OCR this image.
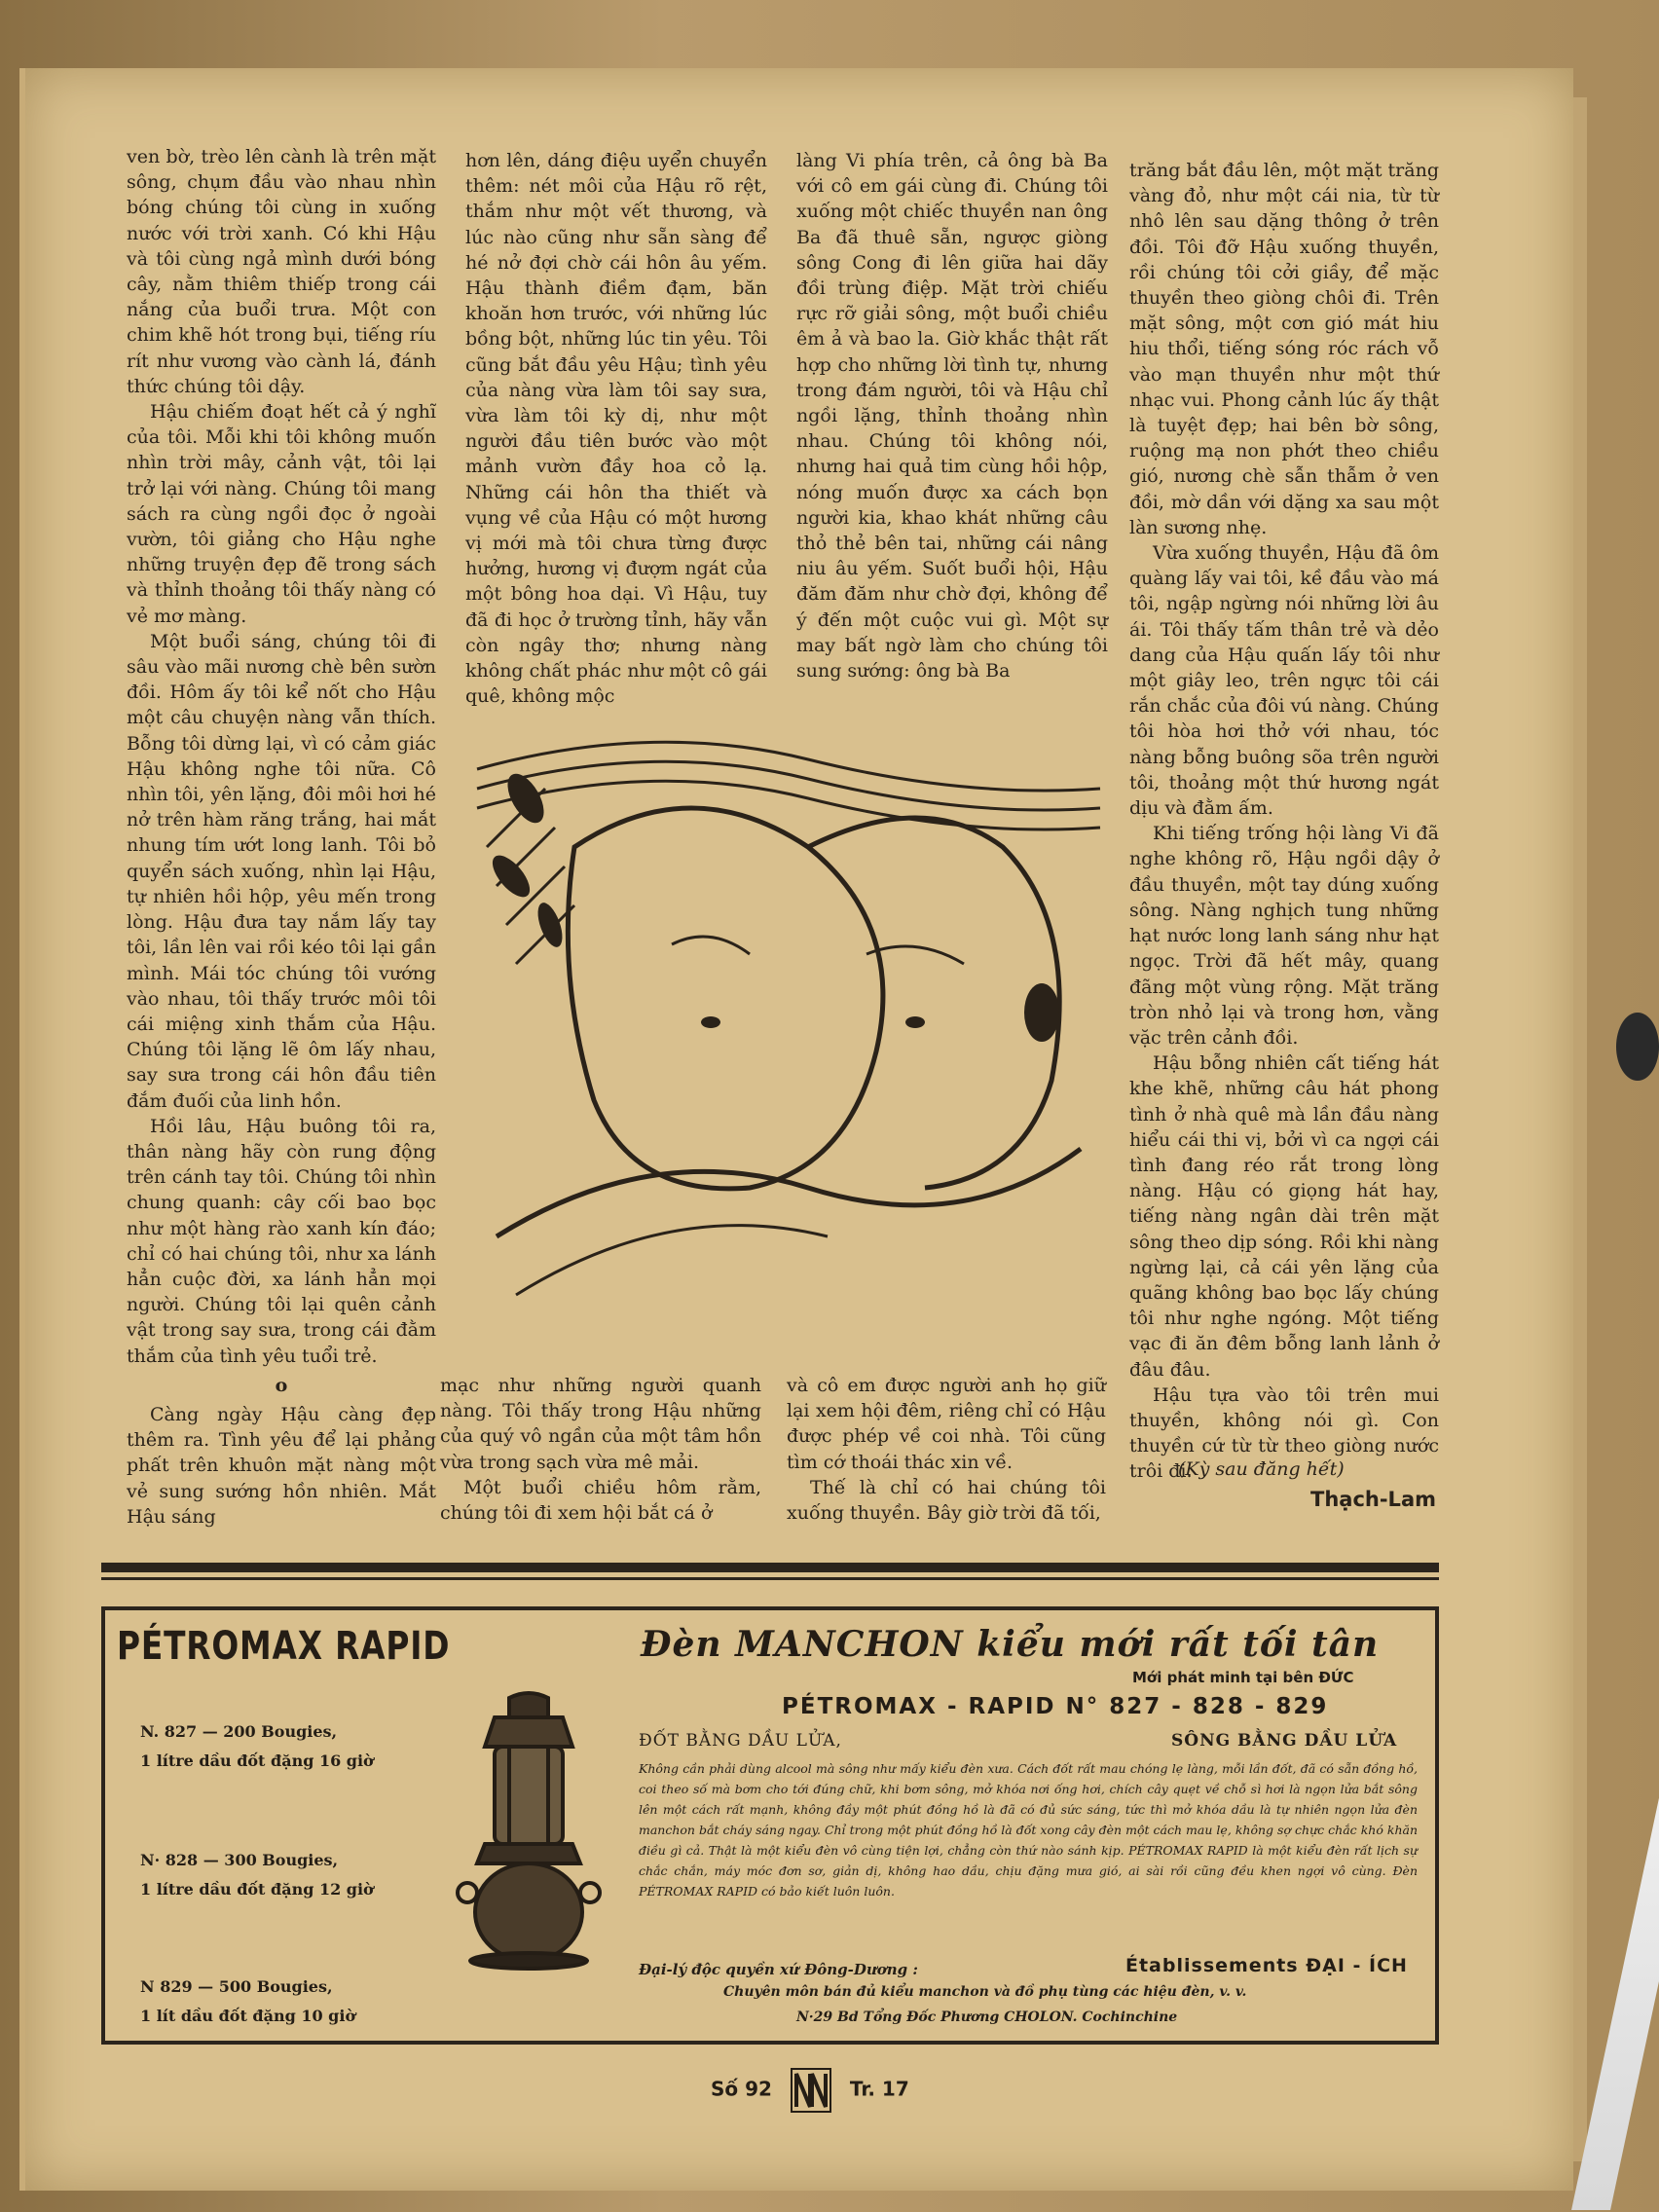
ven bờ, trèo lên cành là trên mặt sông, chụm đầu vào nhau nhìn bóng chúng tôi cùng in xuống nước với trời xanh. Có khi Hậu và tôi cùng ngả mình dưới bóng cây, nằm thiêm thiếp trong cái nắng của buổi trưa. Một con chim khẽ hót trong bụi, tiếng ríu rít như vương vào cành lá, đánh thức chúng tôi dậy.

Hậu chiếm đoạt hết cả ý nghĩ của tôi. Mỗi khi tôi không muốn nhìn trời mây, cảnh vật, tôi lại trở lại với nàng. Chúng tôi mang sách ra cùng ngồi đọc ở ngoài vườn, tôi giảng cho Hậu nghe những truyện đẹp đẽ trong sách và thỉnh thoảng tôi thấy nàng có vẻ mơ màng.

Một buổi sáng, chúng tôi đi sâu vào mãi nương chè bên sườn đồi. Hôm ấy tôi kể nốt cho Hậu một câu chuyện nàng vẫn thích. Bỗng tôi dừng lại, vì có cảm giác Hậu không nghe tôi nữa. Cô nhìn tôi, yên lặng, đôi môi hơi hé nở trên hàm răng trắng, hai mắt nhung tím ướt long lanh. Tôi bỏ quyển sách xuống, nhìn lại Hậu, tự nhiên hồi hộp, yêu mến trong lòng. Hậu đưa tay nắm lấy tay tôi, lần lên vai rồi kéo tôi lại gần mình. Mái tóc chúng tôi vướng vào nhau, tôi thấy trước môi tôi cái miệng xinh thắm của Hậu. Chúng tôi lặng lẽ ôm lấy nhau, say sưa trong cái hôn đầu tiên đắm đuối của linh hồn.

Hồi lâu, Hậu buông tôi ra, thân nàng hãy còn rung động trên cánh tay tôi. Chúng tôi nhìn chung quanh: cây cối bao bọc như một hàng rào xanh kín đáo; chỉ có hai chúng tôi, như xa lánh hẳn cuộc đời, xa lánh hẳn mọi người. Chúng tôi lại quên cảnh vật trong say sưa, trong cái đằm thắm của tình yêu tuổi trẻ.

o

Càng ngày Hậu càng đẹp thêm ra. Tình yêu để lại phảng phất trên khuôn mặt nàng một vẻ sung sướng hồn nhiên. Mắt Hậu sáng

hơn lên, dáng điệu uyển chuyển thêm: nét môi của Hậu rõ rệt, thắm như một vết thương, và lúc nào cũng như sẵn sàng để hé nở đợi chờ cái hôn âu yếm. Hậu thành điềm đạm, băn khoăn hơn trước, với những lúc bồng bột, những lúc tin yêu. Tôi cũng bắt đầu yêu Hậu; tình yêu của nàng vừa làm tôi say sưa, vừa làm tôi kỳ dị, như một người đầu tiên bước vào một mảnh vườn đầy hoa cỏ lạ. Những cái hôn tha thiết và vụng về của Hậu có một hương vị mới mà tôi chưa từng được hưởng, hương vị đượm ngát của một bông hoa dại. Vì Hậu, tuy đã đi học ở trường tỉnh, hãy vẫn còn ngây thơ; nhưng nàng không chất phác như một cô gái quê, không mộc

làng Vi phía trên, cả ông bà Ba với cô em gái cùng đi. Chúng tôi xuống một chiếc thuyền nan ông Ba đã thuê sẵn, ngược giòng sông Cong đi lên giữa hai dãy đồi trùng điệp. Mặt trời chiếu rực rỡ giải sông, một buổi chiều êm ả và bao la. Giờ khắc thật rất hợp cho những lời tình tự, nhưng trong đám người, tôi và Hậu chỉ ngồi lặng, thỉnh thoảng nhìn nhau. Chúng tôi không nói, nhưng hai quả tim cùng hồi hộp, nóng muốn được xa cách bọn người kia, khao khát những câu thỏ thẻ bên tai, những cái nâng niu âu yếm. Suốt buổi hội, Hậu đăm đăm như chờ đợi, không để ý đến một cuộc vui gì. Một sự may bất ngờ làm cho chúng tôi sung sướng: ông bà Ba

trăng bắt đầu lên, một mặt trăng vàng đỏ, như một cái nia, từ từ nhô lên sau dặng thông ở trên đồi. Tôi đỡ Hậu xuống thuyền, rồi chúng tôi cởi giầy, để mặc thuyền theo giòng chôi đi. Trên mặt sông, một cơn gió mát hiu hiu thổi, tiếng sóng róc rách vỗ vào mạn thuyền như một thứ nhạc vui. Phong cảnh lúc ấy thật là tuyệt đẹp; hai bên bờ sông, ruộng mạ non phớt theo chiều gió, nương chè sẫn thẫm ở ven đồi, mờ dần với dặng xa sau một làn sương nhẹ.

Vừa xuống thuyền, Hậu đã ôm quàng lấy vai tôi, kề đầu vào má tôi, ngập ngừng nói những lời âu ái. Tôi thấy tấm thân trẻ và dẻo dang của Hậu quấn lấy tôi như một giây leo, trên ngực tôi cái rắn chắc của đôi vú nàng. Chúng tôi hòa hơi thở với nhau, tóc nàng bỗng buông sõa trên người tôi, thoảng một thứ hương ngát dịu và đằm ấm.

Khi tiếng trống hội làng Vi đã nghe không rõ, Hậu ngồi dậy ở đầu thuyền, một tay dúng xuống sông. Nàng nghịch tung những hạt nước long lanh sáng như hạt ngọc. Trời đã hết mây, quang đãng một vùng rộng. Mặt trăng tròn nhỏ lại và trong hơn, vằng vặc trên cảnh đồi.

Hậu bỗng nhiên cất tiếng hát khe khẽ, những câu hát phong tình ở nhà quê mà lần đầu nàng hiểu cái thi vị, bởi vì ca ngợi cái tình đang réo rắt trong lòng nàng. Hậu có giọng hát hay, tiếng nàng ngân dài trên mặt sông theo dịp sóng. Rồi khi nàng ngừng lại, cả cái yên lặng của quãng không bao bọc lấy chúng tôi như nghe ngóng. Một tiếng vạc đi ăn đêm bỗng lanh lảnh ở đâu đâu.

Hậu tựa vào tôi trên mui thuyền, không nói gì. Con thuyền cứ từ từ theo giòng nước trôi đi.

mạc như những người quanh nàng. Tôi thấy trong Hậu những của quý vô ngần của một tâm hồn vừa trong sạch vừa mê mải.

Một buổi chiều hôm rằm, chúng tôi đi xem hội bắt cá ở

và cô em được người anh họ giữ lại xem hội đêm, riêng chỉ có Hậu được phép về coi nhà. Tôi cũng tìm cớ thoái thác xin về.

Thế là chỉ có hai chúng tôi xuống thuyền. Bây giờ trời đã tối,

(Kỳ sau đăng hết)
Thạch-Lam
PÉTROMAX RAPID
N. 827 — 200 Bougies,
1 lítre dầu đốt đặng 16 giờ
N· 828 — 300 Bougies,
1 lítre dầu đốt đặng 12 giờ
N 829 — 500 Bougies,
1 lít dầu đốt đặng 10 giờ
Đèn MANCHON kiểu mới rất tối tân
Mới phát minh tại bên ĐỨC
PÉTROMAX - RAPID N° 827 - 828 - 829
ĐỐT BẰNG DẦU LỬA,	SÔNG BẰNG DẦU LỬA
Không cần phải dùng alcool mà sông như mấy kiểu đèn xưa. Cách đốt rất mau chóng lẹ làng, mỗi lần đốt, đã có sẵn đồng hồ, coi theo số mà bơm cho tới đúng chữ, khi bơm sông, mở khóa nơi ống hơi, chích cây quẹt về chỗ sì hơi là ngọn lửa bắt sông lên một cách rất mạnh, không đầy một phút đồng hồ là đã có đủ sức sáng, tức thì mở khóa dầu là tự nhiên ngọn lửa đèn manchon bắt cháy sáng ngay. Chỉ trong một phút đồng hồ là đốt xong cây đèn một cách mau lẹ, không sợ chực chắc khó khăn điều gì cả. Thật là một kiểu đèn vô cùng tiện lợi, chẳng còn thứ nào sánh kịp. PÉTROMAX RAPID là một kiểu đèn rất lịch sự chắc chắn, máy móc đơn sơ, giản dị, không hao dầu, chịu đặng mưa gió, ai sài rồi cũng đều khen ngợi vô cùng. Đèn PÉTROMAX RAPID có bảo kiết luôn luôn.
Đại-lý độc quyền xứ Đông-Dương :	Établissements ĐẠI - ÍCH
Chuyên môn bán đủ kiểu manchon và đồ phụ tùng các hiệu đèn, v. v.
N·29 Bd Tổng Đốc Phương CHOLON. Cochinchine
Số 92	Tr. 17
